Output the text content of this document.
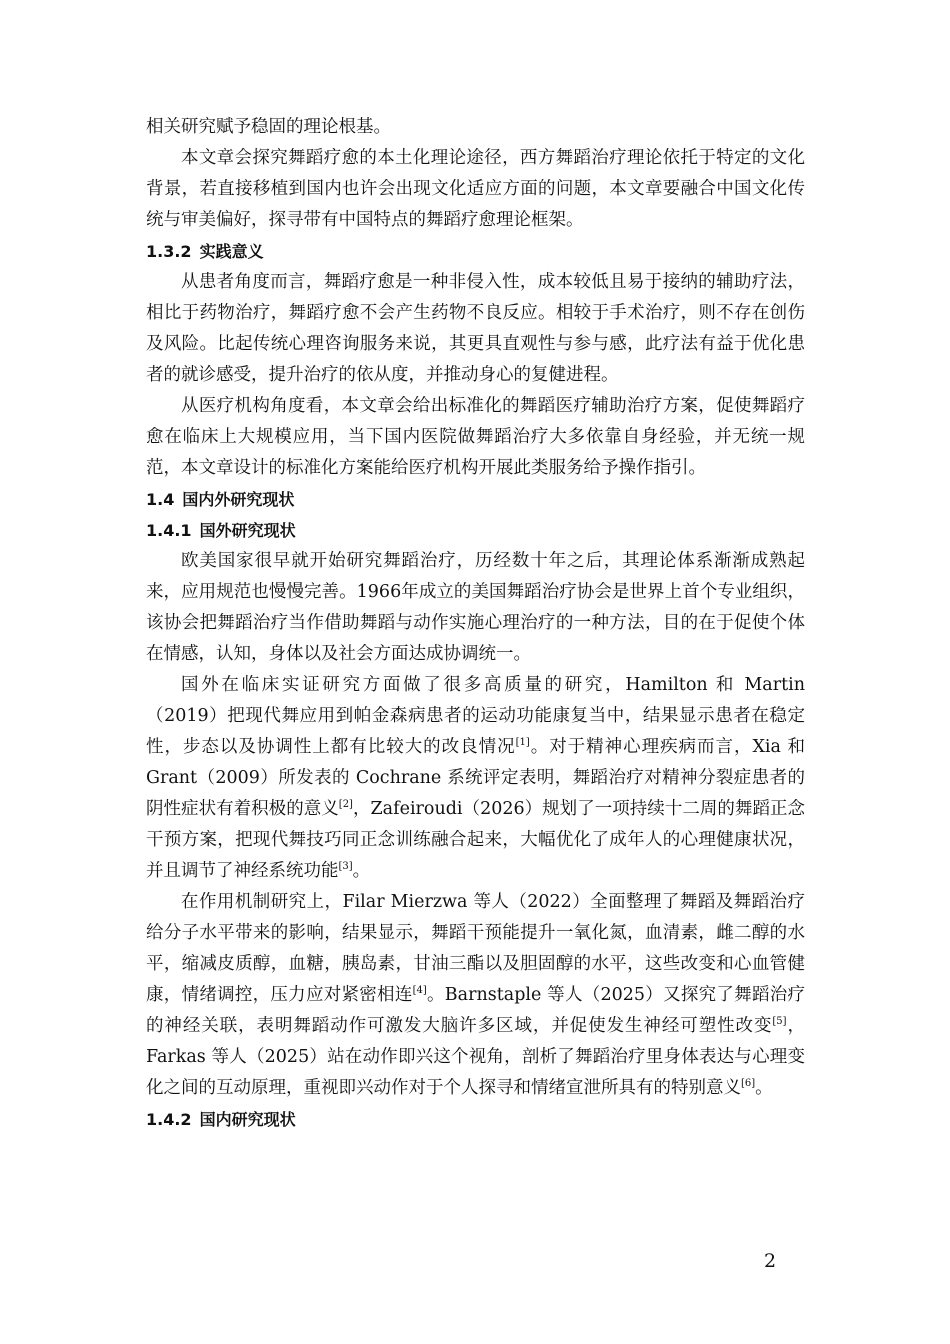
相关研究赋予稳固的理论根基。

本文章会探究舞蹈疗愈的本土化理论途径，西方舞蹈治疗理论依托于特定的文化背景，若直接移植到国内也许会出现文化适应方面的问题，本文章要融合中国文化传统与审美偏好，探寻带有中国特点的舞蹈疗愈理论框架。

1.3.2 实践意义

从患者角度而言，舞蹈疗愈是一种非侵入性，成本较低且易于接纳的辅助疗法，相比于药物治疗，舞蹈疗愈不会产生药物不良反应。相较于手术治疗，则不存在创伤及风险。比起传统心理咨询服务来说，其更具直观性与参与感，此疗法有益于优化患者的就诊感受，提升治疗的依从度，并推动身心的复健进程。

从医疗机构角度看，本文章会给出标准化的舞蹈医疗辅助治疗方案，促使舞蹈疗愈在临床上大规模应用，当下国内医院做舞蹈治疗大多依靠自身经验，并无统一规范，本文章设计的标准化方案能给医疗机构开展此类服务给予操作指引。

1.4 国内外研究现状
1.4.1 国外研究现状

欧美国家很早就开始研究舞蹈治疗，历经数十年之后，其理论体系渐渐成熟起来，应用规范也慢慢完善。1966年成立的美国舞蹈治疗协会是世界上首个专业组织，该协会把舞蹈治疗当作借助舞蹈与动作实施心理治疗的一种方法，目的在于促使个体在情感，认知，身体以及社会方面达成协调统一。

国外在临床实证研究方面做了很多高质量的研究，Hamilton 和 Martin（2019）把现代舞应用到帕金森病患者的运动功能康复当中，结果显示患者在稳定性，步态以及协调性上都有比较大的改良情况[1]。对于精神心理疾病而言，Xia 和 Grant（2009）所发表的 Cochrane 系统评定表明，舞蹈治疗对精神分裂症患者的阴性症状有着积极的意义[2]，Zafeiroudi（2026）规划了一项持续十二周的舞蹈正念干预方案，把现代舞技巧同正念训练融合起来，大幅优化了成年人的心理健康状况，并且调节了神经系统功能[3]。

在作用机制研究上，Filar Mierzwa 等人（2022）全面整理了舞蹈及舞蹈治疗给分子水平带来的影响，结果显示，舞蹈干预能提升一氧化氮，血清素，雌二醇的水平，缩减皮质醇，血糖，胰岛素，甘油三酯以及胆固醇的水平，这些改变和心血管健康，情绪调控，压力应对紧密相连[4]。Barnstaple 等人（2025）又探究了舞蹈治疗的神经关联，表明舞蹈动作可激发大脑许多区域，并促使发生神经可塑性改变[5]，Farkas 等人（2025）站在动作即兴这个视角，剖析了舞蹈治疗里身体表达与心理变化之间的互动原理，重视即兴动作对于个人探寻和情绪宣泄所具有的特别意义[6]。

1.4.2 国内研究现状
2
